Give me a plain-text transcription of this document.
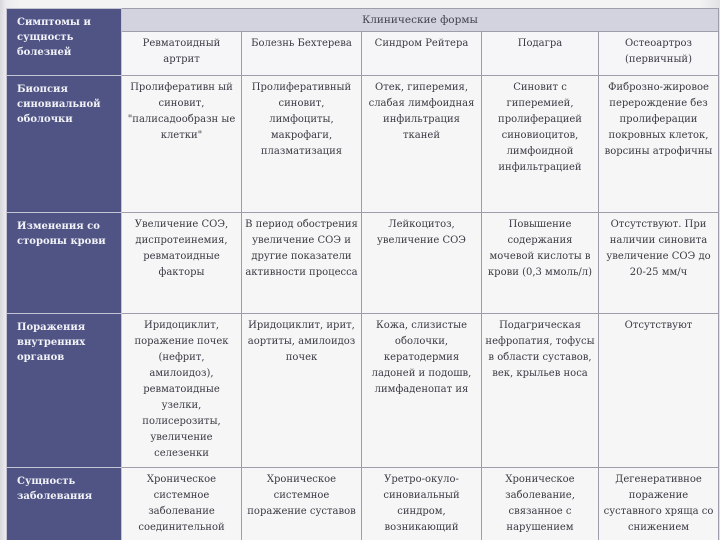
Симптомы и сущность болезней	Клинические формы				
	Ревматоидный артрит	Болезнь Бехтерева	Синдром Рейтера	Подагра	Остеоартроз (первичный)
Биопсия синовиальной оболочки	Пролиферативн ый синовит, "палисадообразн ые клетки"	Пролиферативный синовит, лимфоциты, макрофаги, плазматизация	Отек, гиперемия, слабая лимфоидная инфильтрация тканей	Синовит с гиперемией, пролиферацией синовиоцитов, лимфоидной инфильтрацией	Фиброзно-жировое перерождение без пролиферации покровных клеток, ворсины атрофичны
Изменения со стороны крови	Увеличение СОЭ, диспротеинемия, ревматоидные факторы	В период обострения увеличение СОЭ и другие показатели активности процесса	Лейкоцитоз, увеличение СОЭ	Повышение содержания мочевой кислоты в крови (0,3 ммоль/л)	Отсутствуют. При наличии синовита увеличение СОЭ до 20-25 мм/ч
Поражения внутренних органов	Иридоциклит, поражение почек (нефрит, амилоидоз), ревматоидные узелки, полисерозиты, увеличение селезенки	Иридоциклит, ирит, аортиты, амилоидоз почек	Кожа, слизистые оболочки, кератодермия ладоней и подошв, лимфаденопат ия	Подагрическая нефропатия, тофусы в области суставов, век, крыльев носа	Отсутствуют
Сущность заболевания	Хроническое системное заболевание соединительной	Хроническое системное поражение суставов	Уретро-окуло-синовиальный синдром, возникающий	Хроническое заболевание, связанное с нарушением	Дегенеративное поражение суставного хряща со снижением
